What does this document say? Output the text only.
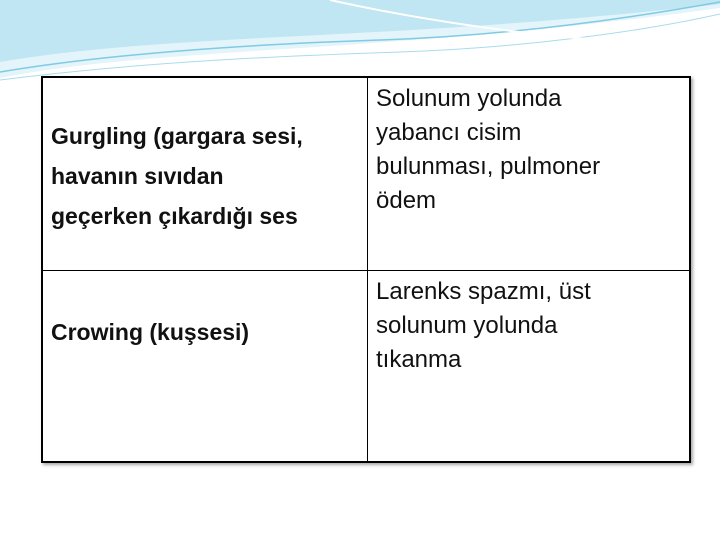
Gurgling (gargara sesi,
havanın sıvıdan
geçerken çıkardığı ses
Solunum yolunda
yabancı cisim
bulunması, pulmoner
ödem
Crowing (kuşsesi)
Larenks spazmı, üst
solunum yolunda
tıkanma
